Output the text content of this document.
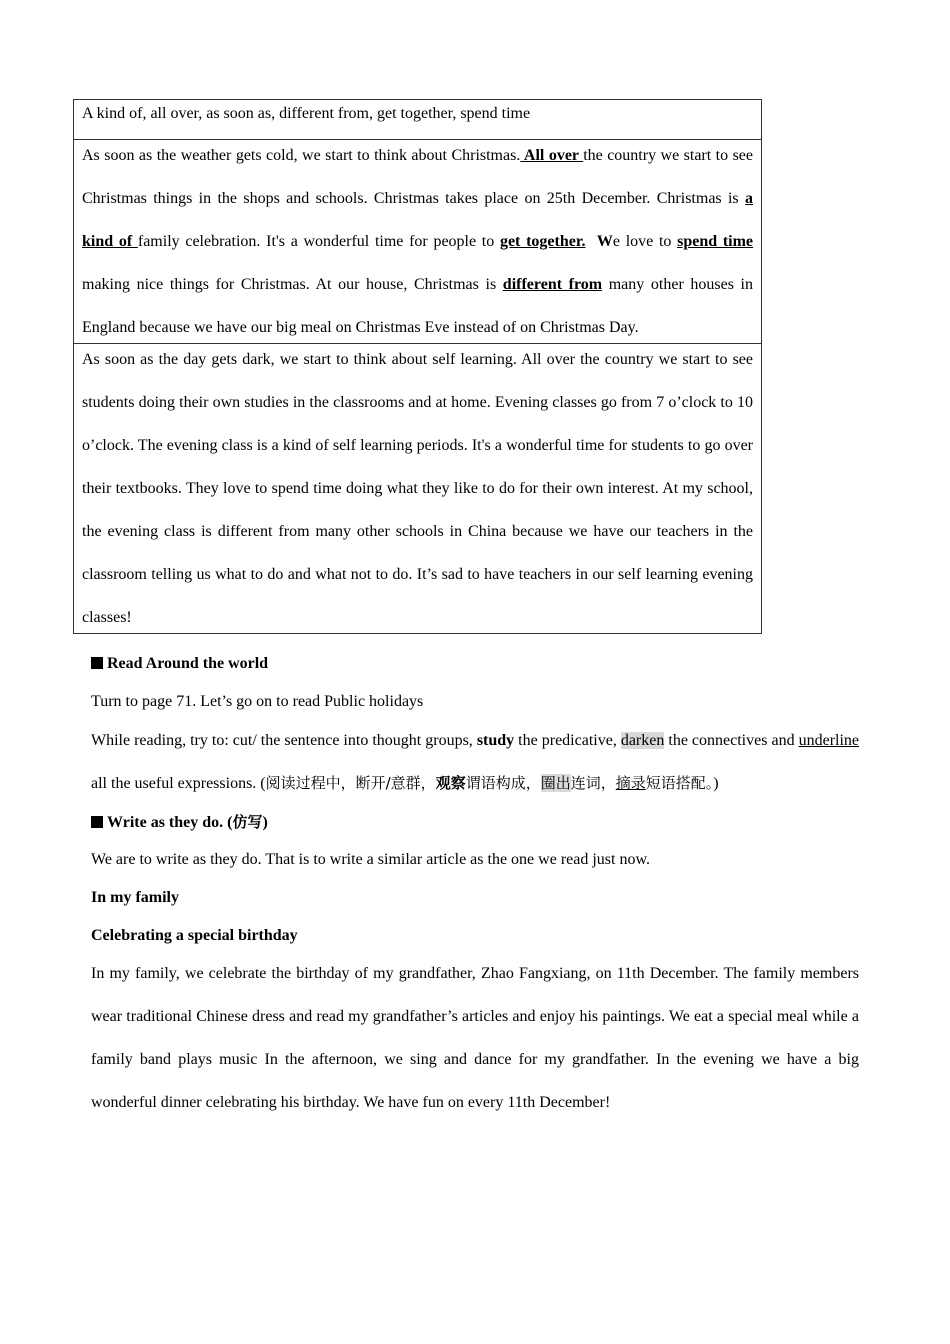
A kind of, all over, as soon as, different from, get together, spend time
As soon as the weather gets cold, we start to think about Christmas. All over the country we start to see Christmas things in the shops and schools. Christmas takes place on 25th December. Christmas is a kind of family celebration. It's a wonderful time for people to get together. We love to spend time making nice things for Christmas. At our house, Christmas is different from many other houses in England because we have our big meal on Christmas Eve instead of on Christmas Day.
As soon as the day gets dark, we start to think about self learning. All over the country we start to see students doing their own studies in the classrooms and at home. Evening classes go from 7 o’clock to 10 o’clock. The evening class is a kind of self learning periods. It's a wonderful time for students to go over their textbooks. They love to spend time doing what they like to do for their own interest. At my school, the evening class is different from many other schools in China because we have our teachers in the classroom telling us what to do and what not to do. It’s sad to have teachers in our self learning evening classes!
Read Around the world
Turn to page 71. Let’s go on to read Public holidays
While reading, try to: cut/ the sentence into thought groups, study the predicative, darken the connectives and underline all the useful expressions. (阅读过程中，断开/意群，观察谓语构成，圈出连词，摘录短语搭配。)
Write as they do. (仿写)
We are to write as they do. That is to write a similar article as the one we read just now.
In my family
Celebrating a special birthday
In my family, we celebrate the birthday of my grandfather, Zhao Fangxiang, on 11th December. The family members wear traditional Chinese dress and read my grandfather’s articles and enjoy his paintings. We eat a special meal while a family band plays music In the afternoon, we sing and dance for my grandfather. In the evening we have a big wonderful dinner celebrating his birthday. We have fun on every 11th December!
